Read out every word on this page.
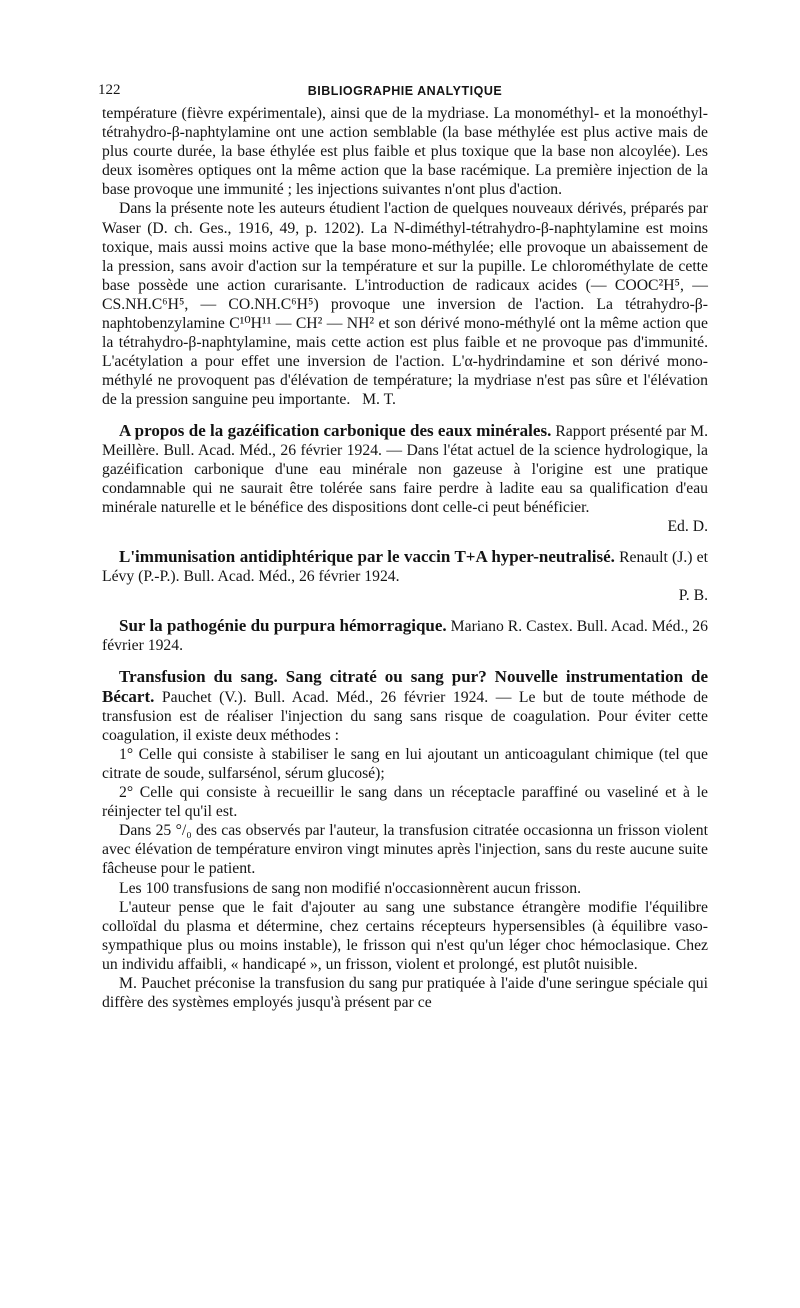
122	BIBLIOGRAPHIE ANALYTIQUE

température (fièvre expérimentale), ainsi que de la mydriase. La monométhyl- et la monoéthyl-tétrahydro-β-naphtylamine ont une action semblable (la base méthylée est plus active mais de plus courte durée, la base éthylée est plus faible et plus toxique que la base non alcoylée). Les deux isomères optiques ont la même action que la base racémique. La première injection de la base provoque une immunité ; les injections suivantes n'ont plus d'action.

Dans la présente note les auteurs étudient l'action de quelques nouveaux dérivés, préparés par Waser (D. ch. Ges., 1916, 49, p. 1202). La N-diméthyl-tétrahydro-β-naphtylamine est moins toxique, mais aussi moins active que la base mono-méthylée; elle provoque un abaissement de la pression, sans avoir d'action sur la température et sur la pupille. Le chlorométhylate de cette base possède une action curarisante. L'introduction de radicaux acides (— COOC²H⁵, — CS.NH.C⁶H⁵, — CO.NH.C⁶H⁵) provoque une inversion de l'action. La tétrahydro-β-naphtobenzylamine C¹⁰H¹¹ — CH² — NH² et son dérivé mono-méthylé ont la même action que la tétrahydro-β-naphtylamine, mais cette action est plus faible et ne provoque pas d'immunité. L'acétylation a pour effet une inversion de l'action. L'α-hydrindamine et son dérivé mono-méthylé ne provoquent pas d'élévation de température; la mydriase n'est pas sûre et l'élévation de la pression sanguine peu importante. M. T.

A propos de la gazéification carbonique des eaux minérales. Rapport présenté par M. Meillère. Bull. Acad. Méd., 26 février 1924. — Dans l'état actuel de la science hydrologique, la gazéification carbonique d'une eau minérale non gazeuse à l'origine est une pratique condamnable qui ne saurait être tolérée sans faire perdre à ladite eau sa qualification d'eau minérale naturelle et le bénéfice des dispositions dont celle-ci peut bénéficier.

Ed. D.

L'immunisation antidiphtérique par le vaccin T+A hyper-neutralisé. Renault (J.) et Lévy (P.-P.). Bull. Acad. Méd., 26 février 1924.

P. B.

Sur la pathogénie du purpura hémorragique. Mariano R. Castex. Bull. Acad. Méd., 26 février 1924.

Transfusion du sang. Sang citraté ou sang pur? Nouvelle instrumentation de Bécart. Pauchet (V.). Bull. Acad. Méd., 26 février 1924. — Le but de toute méthode de transfusion est de réaliser l'injection du sang sans risque de coagulation. Pour éviter cette coagulation, il existe deux méthodes :

1° Celle qui consiste à stabiliser le sang en lui ajoutant un anticoagulant chimique (tel que citrate de soude, sulfarsénol, sérum glucosé);

2° Celle qui consiste à recueillir le sang dans un réceptacle paraffiné ou vaseliné et à le réinjecter tel qu'il est.

Dans 25 °/₀ des cas observés par l'auteur, la transfusion citratée occasionna un frisson violent avec élévation de température environ vingt minutes après l'injection, sans du reste aucune suite fâcheuse pour le patient.

Les 100 transfusions de sang non modifié n'occasionnèrent aucun frisson.

L'auteur pense que le fait d'ajouter au sang une substance étrangère modifie l'équilibre colloïdal du plasma et détermine, chez certains récepteurs hypersensibles (à équilibre vaso-sympathique plus ou moins instable), le frisson qui n'est qu'un léger choc hémoclasique. Chez un individu affaibli, « handicapé », un frisson, violent et prolongé, est plutôt nuisible.

M. Pauchet préconise la transfusion du sang pur pratiquée à l'aide d'une seringue spéciale qui diffère des systèmes employés jusqu'à présent par ce
